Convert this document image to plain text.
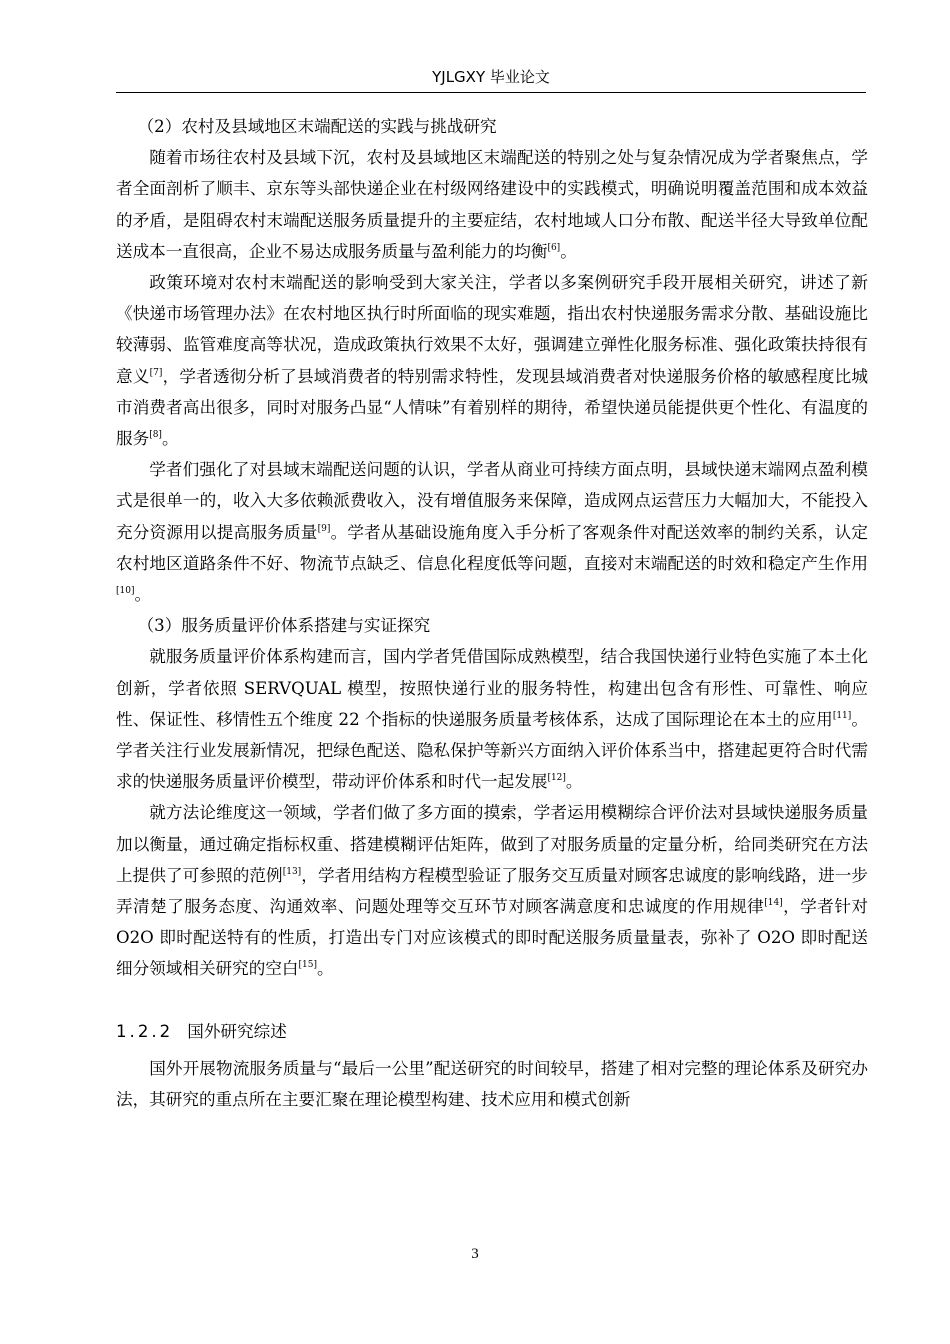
YJLGXY 毕业论文

（2）农村及县域地区末端配送的实践与挑战研究

随着市场往农村及县域下沉，农村及县域地区末端配送的特别之处与复杂情况成为学者聚焦点，学者全面剖析了顺丰、京东等头部快递企业在村级网络建设中的实践模式，明确说明覆盖范围和成本效益的矛盾，是阻碍农村末端配送服务质量提升的主要症结，农村地域人口分布散、配送半径大导致单位配送成本一直很高，企业不易达成服务质量与盈利能力的均衡[6]。

政策环境对农村末端配送的影响受到大家关注，学者以多案例研究手段开展相关研究，讲述了新《快递市场管理办法》在农村地区执行时所面临的现实难题，指出农村快递服务需求分散、基础设施比较薄弱、监管难度高等状况，造成政策执行效果不太好，强调建立弹性化服务标准、强化政策扶持很有意义[7]，学者透彻分析了县域消费者的特别需求特性，发现县域消费者对快递服务价格的敏感程度比城市消费者高出很多，同时对服务凸显“人情味”有着别样的期待，希望快递员能提供更个性化、有温度的服务[8]。

学者们强化了对县域末端配送问题的认识，学者从商业可持续方面点明，县域快递末端网点盈利模式是很单一的，收入大多依赖派费收入，没有增值服务来保障，造成网点运营压力大幅加大，不能投入充分资源用以提高服务质量[9]。学者从基础设施角度入手分析了客观条件对配送效率的制约关系，认定农村地区道路条件不好、物流节点缺乏、信息化程度低等问题，直接对末端配送的时效和稳定产生作用[10]。

（3）服务质量评价体系搭建与实证探究

就服务质量评价体系构建而言，国内学者凭借国际成熟模型，结合我国快递行业特色实施了本土化创新，学者依照 SERVQUAL 模型，按照快递行业的服务特性，构建出包含有形性、可靠性、响应性、保证性、移情性五个维度 22 个指标的快递服务质量考核体系，达成了国际理论在本土的应用[11]。学者关注行业发展新情况，把绿色配送、隐私保护等新兴方面纳入评价体系当中，搭建起更符合时代需求的快递服务质量评价模型，带动评价体系和时代一起发展[12]。

就方法论维度这一领域，学者们做了多方面的摸索，学者运用模糊综合评价法对县域快递服务质量加以衡量，通过确定指标权重、搭建模糊评估矩阵，做到了对服务质量的定量分析，给同类研究在方法上提供了可参照的范例[13]，学者用结构方程模型验证了服务交互质量对顾客忠诚度的影响线路，进一步弄清楚了服务态度、沟通效率、问题处理等交互环节对顾客满意度和忠诚度的作用规律[14]，学者针对 O2O 即时配送特有的性质，打造出专门对应该模式的即时配送服务质量量表，弥补了 O2O 即时配送细分领域相关研究的空白[15]。

1.2.2 国外研究综述

国外开展物流服务质量与“最后一公里”配送研究的时间较早，搭建了相对完整的理论体系及研究办法，其研究的重点所在主要汇聚在理论模型构建、技术应用和模式创新

3
